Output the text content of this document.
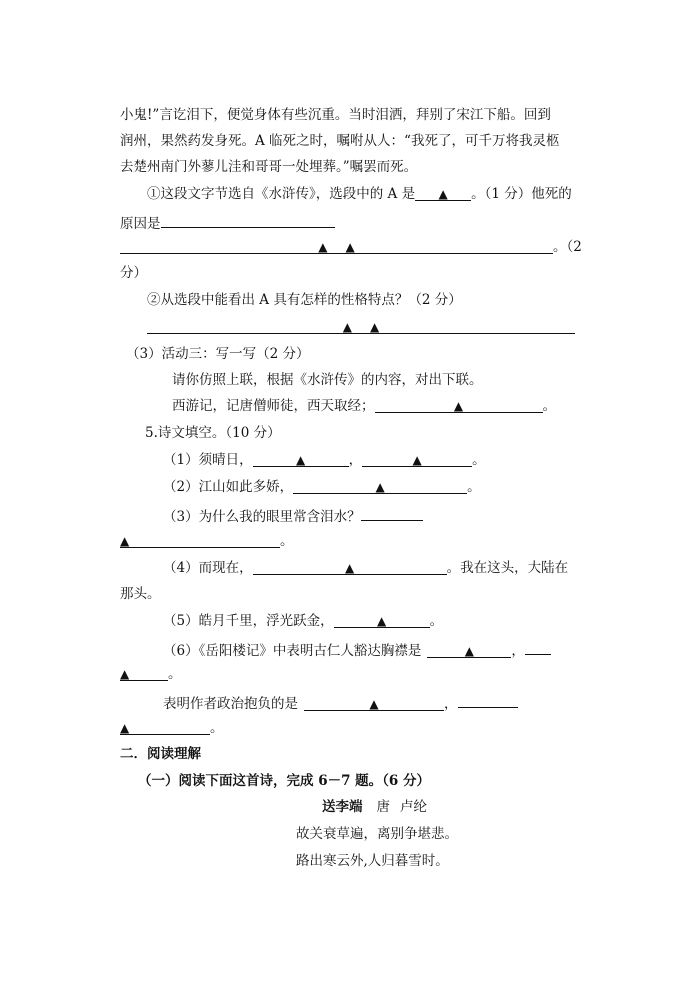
小鬼!”言讫泪下，便觉身体有些沉重。当时泪洒，拜别了宋江下船。回到
润州，果然药发身死。A 临死之时，嘱咐从人：“我死了，可千万将我灵柩
去楚州南门外蓼儿洼和哥哥一处埋葬。”嘱罢而死。
①这段文字节选自《水浒传》，选段中的 A 是 ▲ 。（1 分）他死的
原因是
▲ ▲	。（2
分）
②从选段中能看出 A 具有怎样的性格特点？（2 分）
▲ ▲
（3）活动三：写一写（2 分）
请你仿照上联，根据《水浒传》的内容，对出下联。
西游记，记唐僧师徒，西天取经；	▲	。
5.诗文填空。（10 分）
（1）须晴日，	▲	，	▲	。
（2）江山如此多娇，	▲	。
（3）为什么我的眼里常含泪水？
▲	。
（4）而现在，	▲	。我在这头，大陆在
那头。
（5）皓月千里，浮光跃金，	▲	。
（6）《岳阳楼记》中表明古仁人豁达胸襟是	▲	，
▲	。
表明作者政治抱负的是	▲	，
▲	。
二．阅读理解
（一）阅读下面这首诗，完成 6－7 题。（6 分）
送李端 唐 卢纶
故关衰草遍，离别争堪悲。
路出寒云外,人归暮雪时。
